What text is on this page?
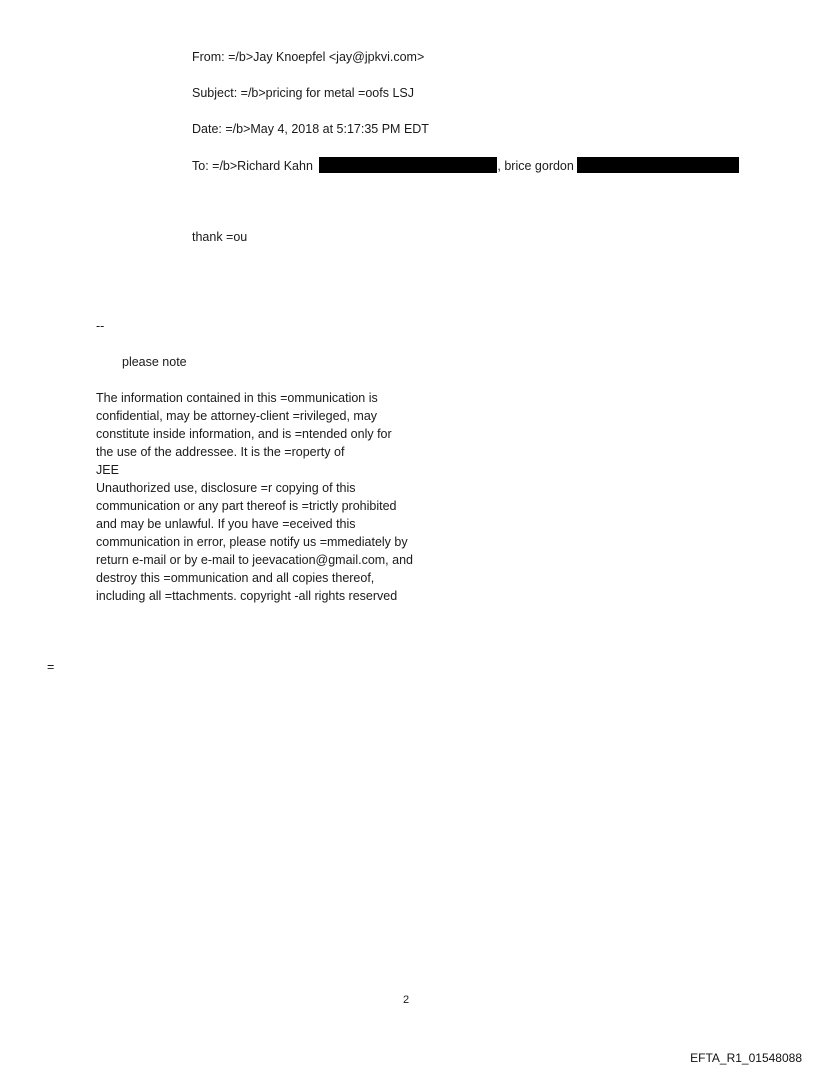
From: =/b>Jay Knoepfel <jay@jpkvi.com>
Subject: =/b>pricing for metal =oofs LSJ
Date: =/b>May 4, 2018 at 5:17:35 PM EDT
To: =/b>Richard Kahn	, brice gordon
thank =ou
--
please note
The information contained in this =ommunication is
confidential, may be attorney-client =rivileged, may
constitute inside information, and is =ntended only for
the use of the addressee. It is the =roperty of
JEE
Unauthorized use, disclosure =r copying of this
communication or any part thereof is =trictly prohibited
and may be unlawful. If you have =eceived this
communication in error, please notify us =mmediately by
return e-mail or by e-mail to jeevacation@gmail.com, and
destroy this =ommunication and all copies thereof,
including all =ttachments. copyright -all rights reserved
=
2
EFTA_R1_01548088
